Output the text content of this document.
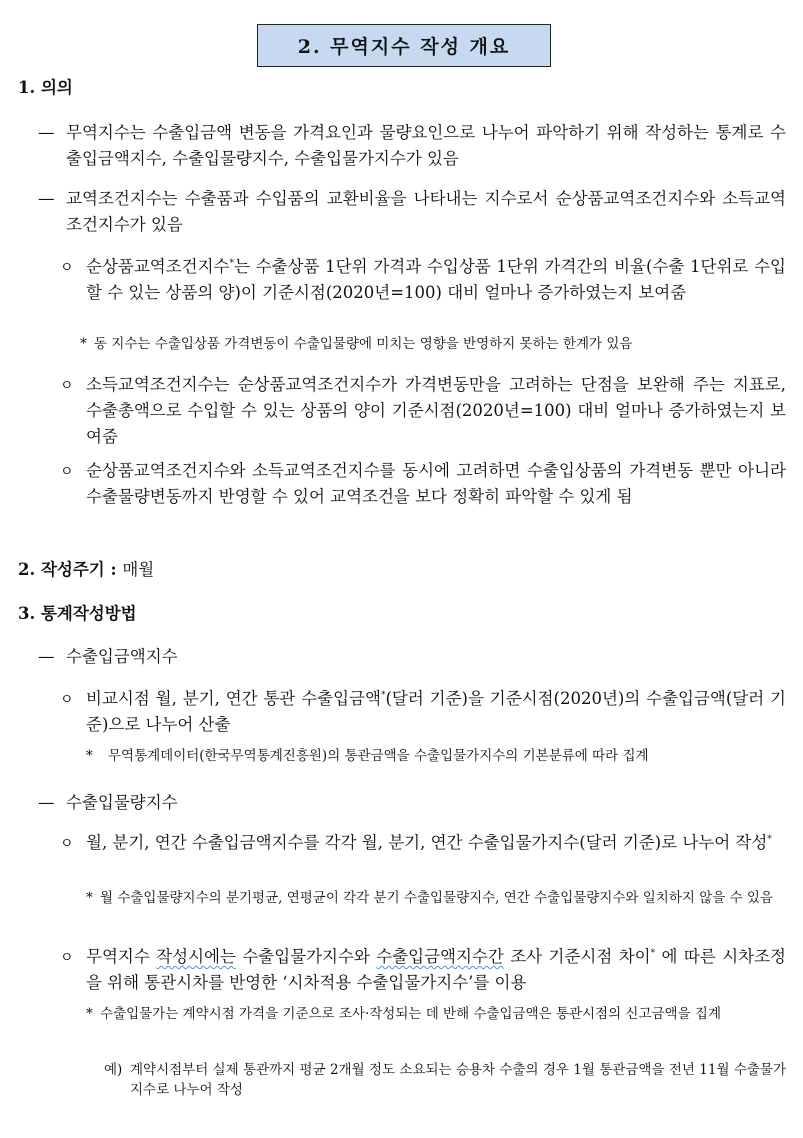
2. 무역지수 작성 개요
1. 의의
— 무역지수는 수출입금액 변동을 가격요인과 물량요인으로 나누어 파악하기 위해 작성하는 통계로 수출입금액지수, 수출입물량지수, 수출입물가지수가 있음
— 교역조건지수는 수출품과 수입품의 교환비율을 나타내는 지수로서 순상품교역조건지수와 소득교역조건지수가 있음
ㅇ 순상품교역조건지수*는 수출상품 1단위 가격과 수입상품 1단위 가격간의 비율(수출 1단위로 수입할 수 있는 상품의 양)이 기준시점(2020년=100) 대비 얼마나 증가하였는지 보여줌
* 동 지수는 수출입상품 가격변동이 수출입물량에 미치는 영향을 반영하지 못하는 한계가 있음
ㅇ 소득교역조건지수는 순상품교역조건지수가 가격변동만을 고려하는 단점을 보완해 주는 지표로, 수출총액으로 수입할 수 있는 상품의 양이 기준시점(2020년=100) 대비 얼마나 증가하였는지 보여줌
ㅇ 순상품교역조건지수와 소득교역조건지수를 동시에 고려하면 수출입상품의 가격변동 뿐만 아니라 수출물량변동까지 반영할 수 있어 교역조건을 보다 정확히 파악할 수 있게 됨
2. 작성주기 : 매월
3. 통계작성방법
— 수출입금액지수
ㅇ 비교시점 월, 분기, 연간 통관 수출입금액*(달러 기준)을 기준시점(2020년)의 수출입금액(달러 기준)으로 나누어 산출
*	무역통계데이터(한국무역통계진흥원)의 통관금액을 수출입물가지수의 기본분류에 따라 집계
— 수출입물량지수
ㅇ 월, 분기, 연간 수출입금액지수를 각각 월, 분기, 연간 수출입물가지수(달러 기준)로 나누어 작성*
* 월 수출입물량지수의 분기평균, 연평균이 각각 분기 수출입물량지수, 연간 수출입물량지수와 일치하지 않을 수 있음
ㅇ 무역지수 작성시에는 수출입물가지수와 수출입금액지수간 조사 기준시점 차이* 에 따른 시차조정을 위해 통관시차를 반영한 ‘시차적용 수출입물가지수’를 이용
* 수출입물가는 계약시점 가격을 기준으로 조사·작성되는 데 반해 수출입금액은 통관시점의 신고금액을 집계
예) 계약시점부터 실제 통관까지 평균 2개월 정도 소요되는 승용차 수출의 경우 1월 통관금액을 전년 11월 수출물가지수로 나누어 작성
